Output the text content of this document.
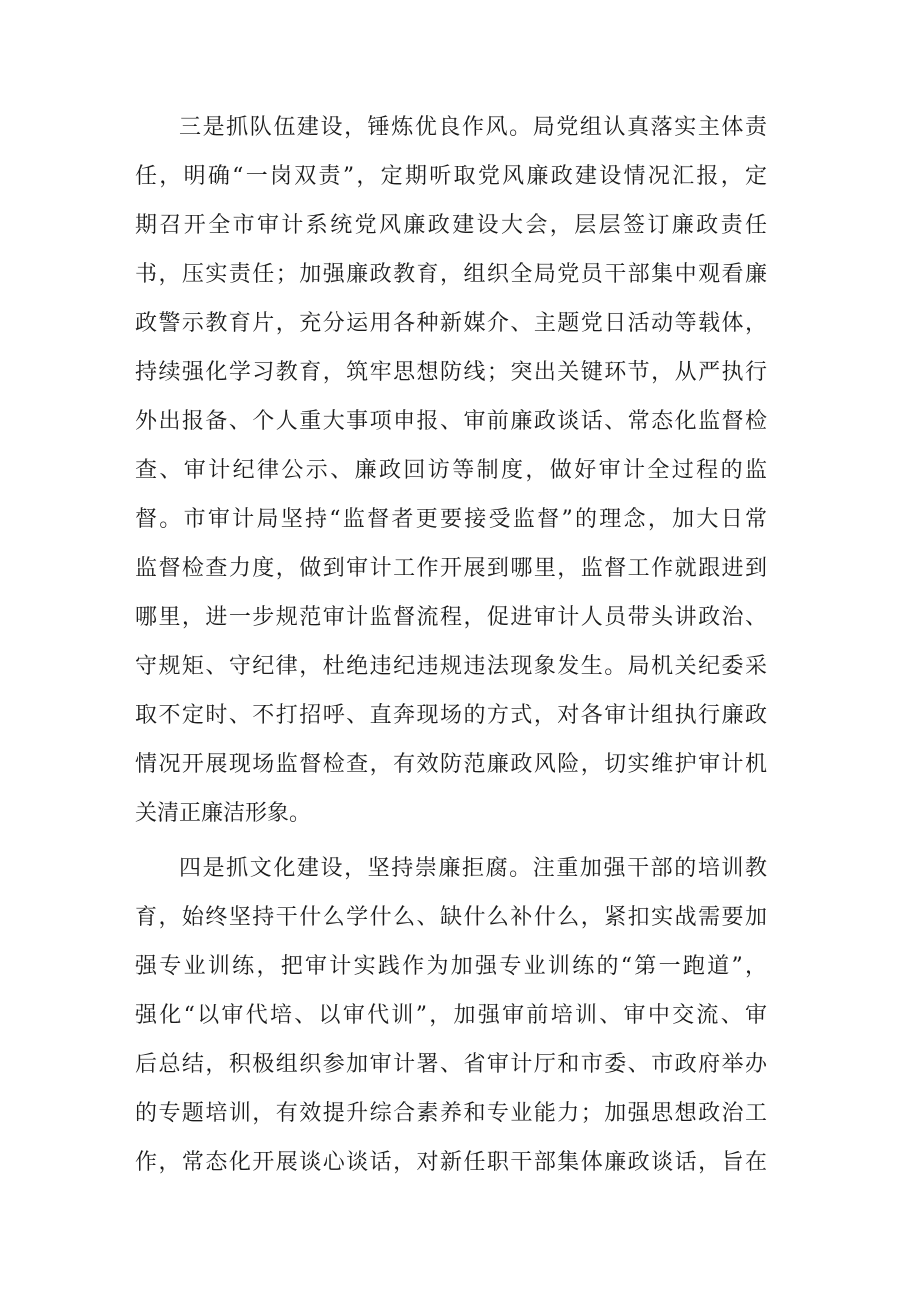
三是抓队伍建设，锤炼优良作风。局党组认真落实主体责
任，明确“一岗双责”，定期听取党风廉政建设情况汇报，定
期召开全市审计系统党风廉政建设大会，层层签订廉政责任
书，压实责任；加强廉政教育，组织全局党员干部集中观看廉
政警示教育片，充分运用各种新媒介、主题党日活动等载体，
持续强化学习教育，筑牢思想防线；突出关键环节，从严执行
外出报备、个人重大事项申报、审前廉政谈话、常态化监督检
查、审计纪律公示、廉政回访等制度，做好审计全过程的监
督。市审计局坚持“监督者更要接受监督”的理念，加大日常
监督检查力度，做到审计工作开展到哪里，监督工作就跟进到
哪里，进一步规范审计监督流程，促进审计人员带头讲政治、
守规矩、守纪律，杜绝违纪违规违法现象发生。局机关纪委采
取不定时、不打招呼、直奔现场的方式，对各审计组执行廉政
情况开展现场监督检查，有效防范廉政风险，切实维护审计机
关清正廉洁形象。

四是抓文化建设，坚持崇廉拒腐。注重加强干部的培训教
育，始终坚持干什么学什么、缺什么补什么，紧扣实战需要加
强专业训练，把审计实践作为加强专业训练的“第一跑道”，
强化“以审代培、以审代训”，加强审前培训、审中交流、审
后总结，积极组织参加审计署、省审计厅和市委、市政府举办
的专题培训，有效提升综合素养和专业能力；加强思想政治工
作，常态化开展谈心谈话，对新任职干部集体廉政谈话，旨在
